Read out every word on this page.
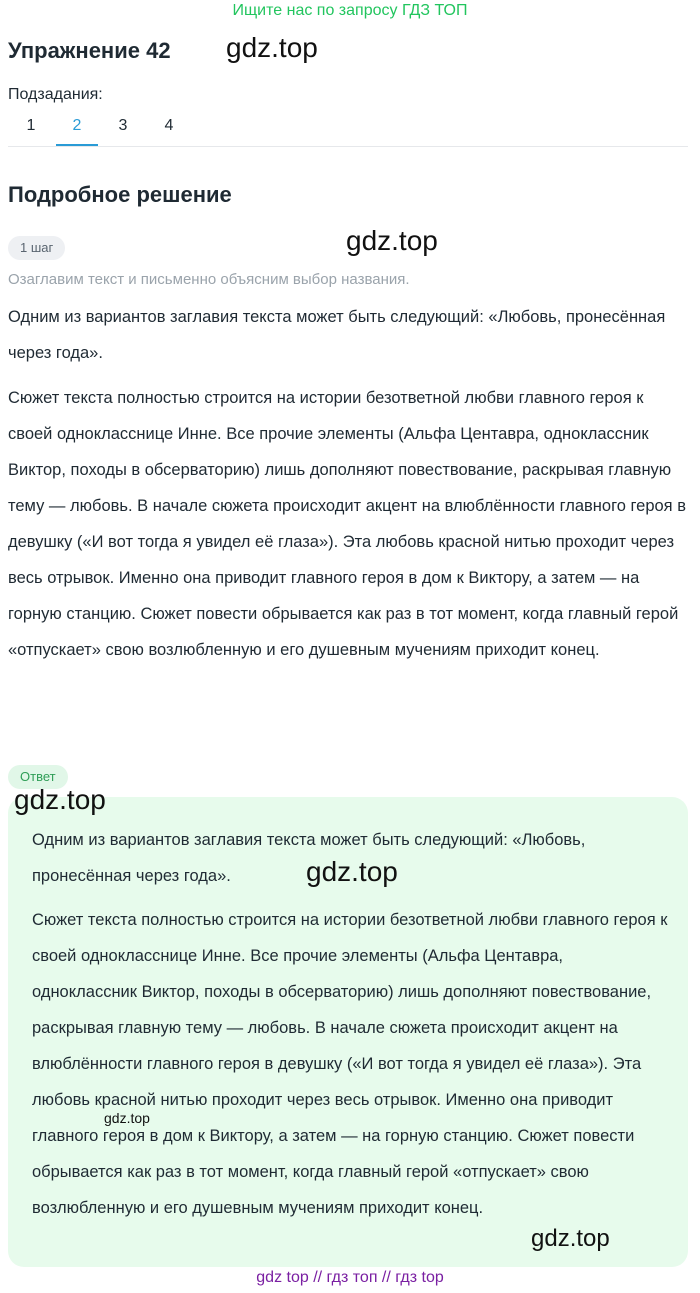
Ищите нас по запросу ГДЗ ТОП
Упражнение 42 gdz.top
Подзадания:
1	2	3	4
Подробное решение
1 шаг	gdz.top
Озаглавим текст и письменно объясним выбор названия.

Одним из вариантов заглавия текста может быть следующий: «Любовь, пронесённая через года».

Сюжет текста полностью строится на истории безответной любви главного героя к своей однокласснице Инне. Все прочие элементы (Альфа Центавра, одноклассник Виктор, походы в обсерваторию) лишь дополняют повествование, раскрывая главную тему — любовь. В начале сюжета происходит акцент на влюблённости главного героя в девушку («И вот тогда я увидел её глаза»). Эта любовь красной нитью проходит через весь отрывок. Именно она приводит главного героя в дом к Виктору, а затем — на горную станцию. Сюжет повести обрывается как раз в тот момент, когда главный герой «отпускает» свою возлюбленную и его душевным мучениям приходит конец.

Ответ
gdz.top

Одним из вариантов заглавия текста может быть следующий: «Любовь, пронесённая через года».	gdz.top

Сюжет текста полностью строится на истории безответной любви главного героя к своей однокласснице Инне. Все прочие элементы (Альфа Центавра, одноклассник Виктор, походы в обсерваторию) лишь дополняют повествование, раскрывая главную тему — любовь. В начале сюжета происходит акцент на влюблённости главного героя в девушку («И вот тогда я увидел её глаза»). Эта любовь красной нитью проходит через весь отрывок. Именно она приводит главного героя в дом к Виктору, а затем — на горную станцию. Сюжет повести обрывается как раз в тот момент, когда главный герой «отпускает» свою возлюбленную и его душевным мучениям приходит конец.

gdz.top
gdz.top
gdz top // гдз топ // гдз top
